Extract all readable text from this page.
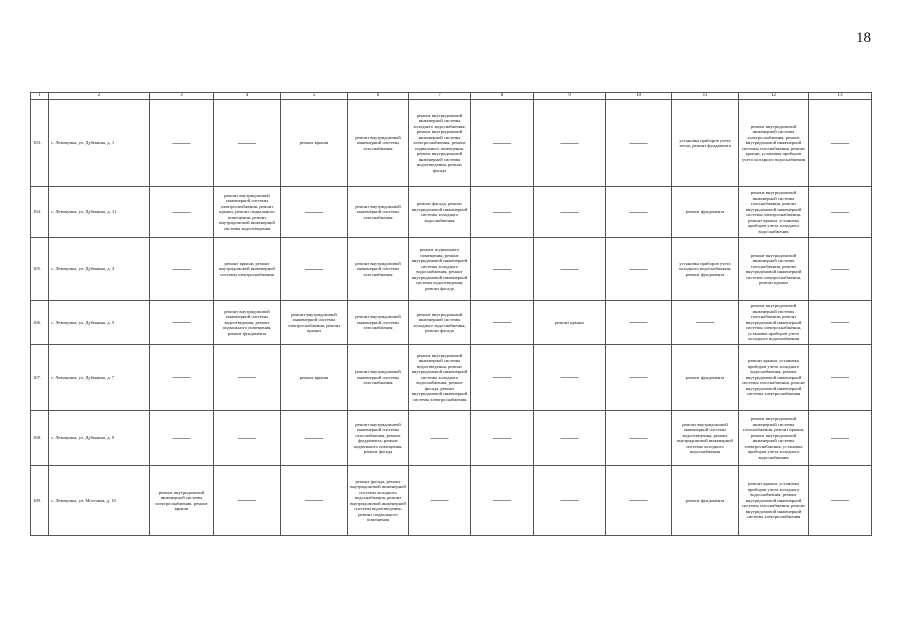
18
1	2	3	4	5	6	7	8	9	10	11	12	13
103.	с. Левокумка, ул. Дубинина, д. 1	——	——	ремонт крыши	ремонт внутридомовой инженерной системы газоснабжения	ремонт внутридомовой инженерной системы холодного водоснабжения, ремонт внутридомовой инженерной системы электроснабжения, ремонт подвального помещения, ремонт внутридомовой инженерной системы водоотведения, ремонт фасада	——	——	——	установка приборов учета тепла, ремонт фундамента	ремонт внутридомовой инженерной системы электроснабжения, ремонт внутридомовой инженерной системы газоснабжения, ремонт крыши, установка приборов учета холодного водоснабжения	——
104.	с. Левокумка, ул. Дубинина, д. 11	——	ремонт внутридомовой инженерной системы электроснабжения, ремонт крыши, ремонт подвального помещения, ремонт внутридомовой инженерной системы водоотведения	——	ремонт внутридомовой инженерной системы газоснабжения	ремонт фасада, ремонт внутридомовой инженерной системы холодного водоснабжения	——	——	——	ремонт фундамента	ремонт внутридомовой инженерной системы газоснабжения, ремонт внутридомовой инженерной системы электроснабжения, ремонт крыши, установка приборов учета холодного водоснабжения	——
105.	с. Левокумка, ул. Дубинина, д. 3	——	ремонт крыши, ремонт внутридомовой инженерной системы электроснабжения	——	ремонт внутридомовой инженерной системы газоснабжения	ремонт подвального помещения, ремонт внутридомовой инженерной системы холодного водоснабжения, ремонт внутридомовой инженерной системы водоотведения, ремонт фасада	——	——	——	установка приборов учета холодного водоснабжения, ремонт фундамента	ремонт внутридомовой инженерной системы газоснабжения, ремонт внутридомовой инженерной системы электроснабжения, ремонт крыши	——
106.	с. Левокумка, ул. Дубинина, д. 5	——	ремонт внутридомовой инженерной системы водоотведения, ремонт подвального помещения, ремонт фундамента	ремонт внутридомовой инженерной системы электроснабжения, ремонт крыши	ремонт внутридомовой инженерной системы газоснабжения	ремонт внутридомовой инженерной системы холодного водоснабжения, ремонт фасада	——	ремонт крыши	——	——	ремонт внутридомовой инженерной системы газоснабжения, ремонт внутридомовой инженерной системы электроснабжения, установка приборов учета холодного водоснабжения	——
107.	с. Левокумка, ул. Дубинина, д. 7	——	——	ремонт крыши	ремонт внутридомовой инженерной системы газоснабжения	ремонт внутридомовой инженерной системы водоотведения, ремонт внутридомовой инженерной системы холодного водоснабжения, ремонт фасада, ремонт внутридомовой инженерной системы электроснабжения	——	——	——	ремонт фундамента	ремонт крыши, установка приборов учета холодного водоснабжения, ремонт внутридомовой инженерной системы газоснабжения, ремонт внутридомовой инженерной системы электроснабжения	——
108.	с. Левокумка, ул. Дубинина, д. 9	——	——	——	ремонт внутридомовой инженерной системы газоснабжения, ремонт фундамента, ремонт подвального помещения, ремонт фасада	——	——	——	——	ремонт внутридомовой инженерной системы водоотведения, ремонт внутридомовой инженерной системы холодного водоснабжения	ремонт внутридомовой инженерной системы газоснабжения, ремонт крыши, ремонт внутридомовой инженерной системы электроснабжения, установка приборов учета холодного водоснабжения	——
109.	с. Левокумка, ул. Мостовая, д. 10	ремонт внутридомовой инженерной системы электроснабжения, ремонт крыши	——	——	ремонт фасада, ремонт внутридомовой инженерной системы холодного водоснабжения, ремонт внутридомовой инженерной системы водоотведения, ремонт подвального помещения	——	——	——	——	ремонт фундамента	ремонт крыши, установка приборов учета холодного водоснабжения, ремонт внутридомовой инженерной системы газоснабжения, ремонт внутридомовой инженерной системы электроснабжения	——
